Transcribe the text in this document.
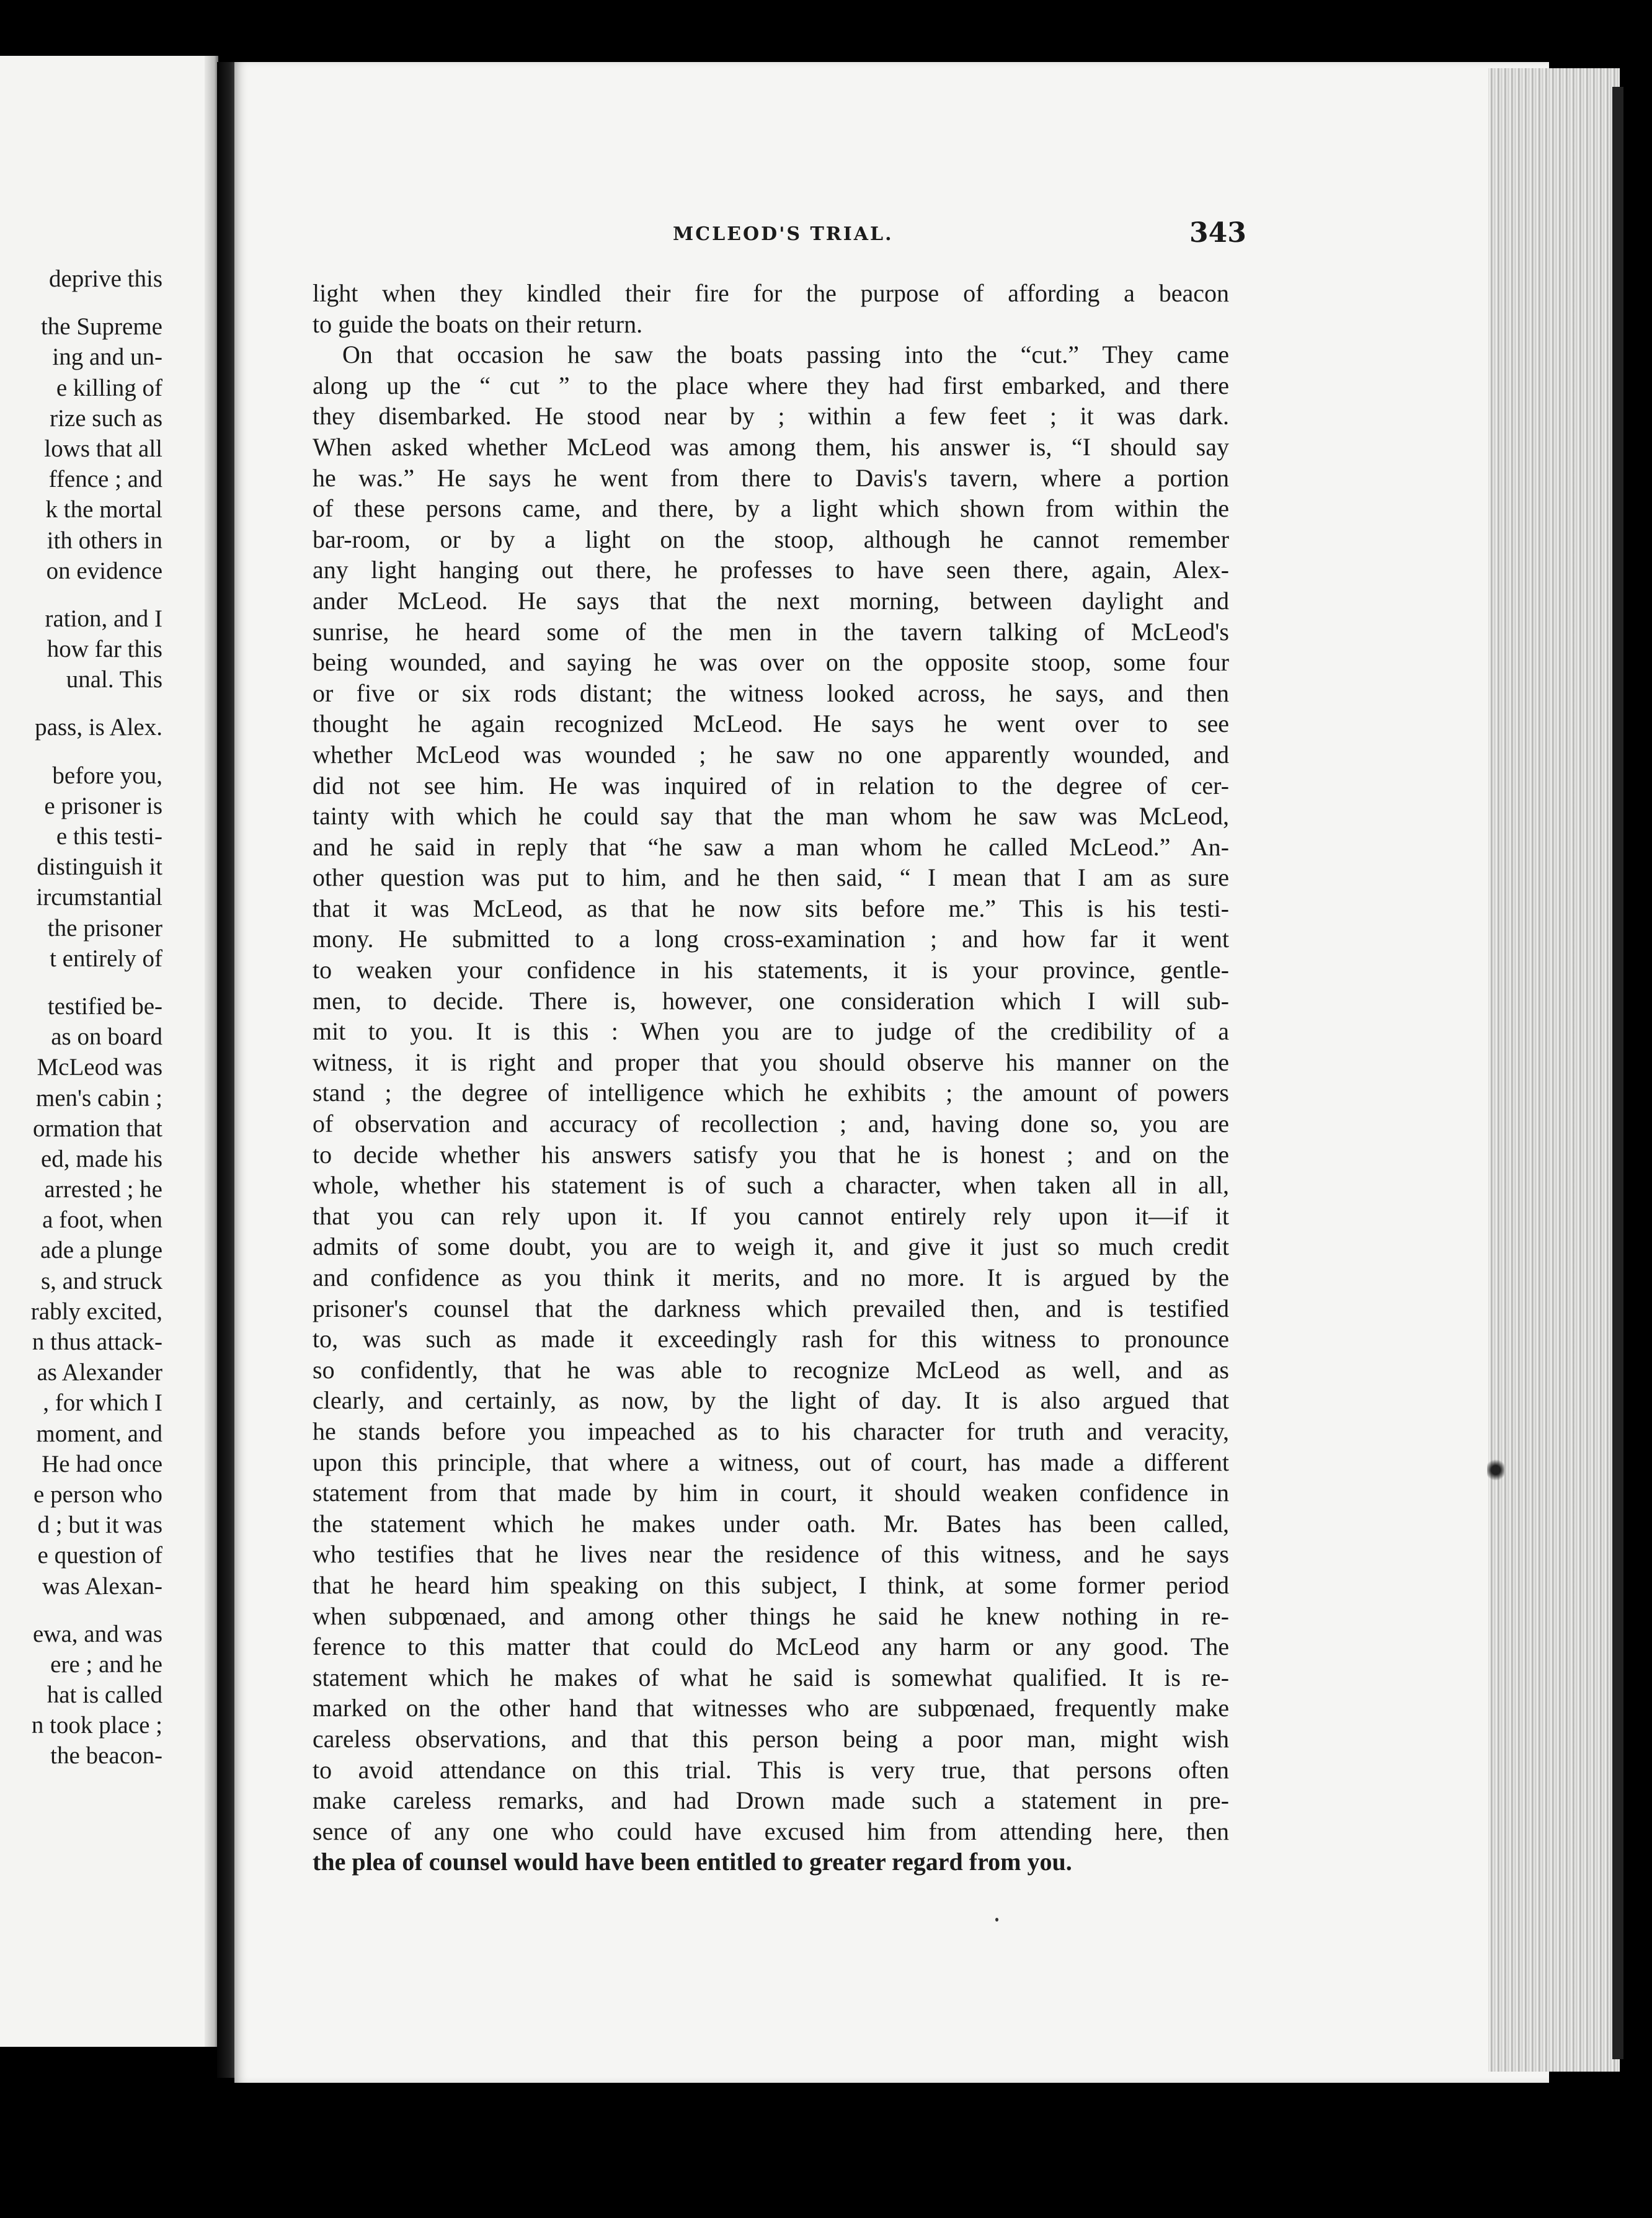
deprive this
the Supreme
ing and un-
e killing of
rize such as
lows that all
ffence ; and
k the mortal
ith others in
on evidence
ration, and I
how far this
unal. This
pass, is Alex.
before you,
e prisoner is
e this testi-
distinguish it
ircumstantial
the prisoner
t entirely of
testified be-
as on board
McLeod was
men's cabin ;
ormation that
ed, made his
arrested ; he
a foot, when
ade a plunge
s, and struck
rably excited,
n thus attack-
as Alexander
, for which I
moment, and
He had once
e person who
d ; but it was
e question of
was Alexan-
ewa, and was
ere ; and he
hat is called
n took place ;
the beacon-
MCLEOD'S TRIAL.	343
light when they kindled their fire for the purpose of affording a beacon
to guide the boats on their return.
On that occasion he saw the boats passing into the “cut.” They came
along up the “ cut ” to the place where they had first embarked, and there
they disembarked. He stood near by ; within a few feet ; it was dark.
When asked whether McLeod was among them, his answer is, “I should say
he was.” He says he went from there to Davis's tavern, where a portion
of these persons came, and there, by a light which shown from within the
bar-room, or by a light on the stoop, although he cannot remember
any light hanging out there, he professes to have seen there, again, Alex-
ander McLeod. He says that the next morning, between daylight and
sunrise, he heard some of the men in the tavern talking of McLeod's
being wounded, and saying he was over on the opposite stoop, some four
or five or six rods distant; the witness looked across, he says, and then
thought he again recognized McLeod. He says he went over to see
whether McLeod was wounded ; he saw no one apparently wounded, and
did not see him. He was inquired of in relation to the degree of cer-
tainty with which he could say that the man whom he saw was McLeod,
and he said in reply that “he saw a man whom he called McLeod.” An-
other question was put to him, and he then said, “ I mean that I am as sure
that it was McLeod, as that he now sits before me.” This is his testi-
mony. He submitted to a long cross-examination ; and how far it went
to weaken your confidence in his statements, it is your province, gentle-
men, to decide. There is, however, one consideration which I will sub-
mit to you. It is this : When you are to judge of the credibility of a
witness, it is right and proper that you should observe his manner on the
stand ; the degree of intelligence which he exhibits ; the amount of powers
of observation and accuracy of recollection ; and, having done so, you are
to decide whether his answers satisfy you that he is honest ; and on the
whole, whether his statement is of such a character, when taken all in all,
that you can rely upon it. If you cannot entirely rely upon it—if it
admits of some doubt, you are to weigh it, and give it just so much credit
and confidence as you think it merits, and no more. It is argued by the
prisoner's counsel that the darkness which prevailed then, and is testified
to, was such as made it exceedingly rash for this witness to pronounce
so confidently, that he was able to recognize McLeod as well, and as
clearly, and certainly, as now, by the light of day. It is also argued that
he stands before you impeached as to his character for truth and veracity,
upon this principle, that where a witness, out of court, has made a different
statement from that made by him in court, it should weaken confidence in
the statement which he makes under oath. Mr. Bates has been called,
who testifies that he lives near the residence of this witness, and he says
that he heard him speaking on this subject, I think, at some former period
when subpœnaed, and among other things he said he knew nothing in re-
ference to this matter that could do McLeod any harm or any good. The
statement which he makes of what he said is somewhat qualified. It is re-
marked on the other hand that witnesses who are subpœnaed, frequently make
careless observations, and that this person being a poor man, might wish
to avoid attendance on this trial. This is very true, that persons often
make careless remarks, and had Drown made such a statement in pre-
sence of any one who could have excused him from attending here, then
the plea of counsel would have been entitled to greater regard from you.
